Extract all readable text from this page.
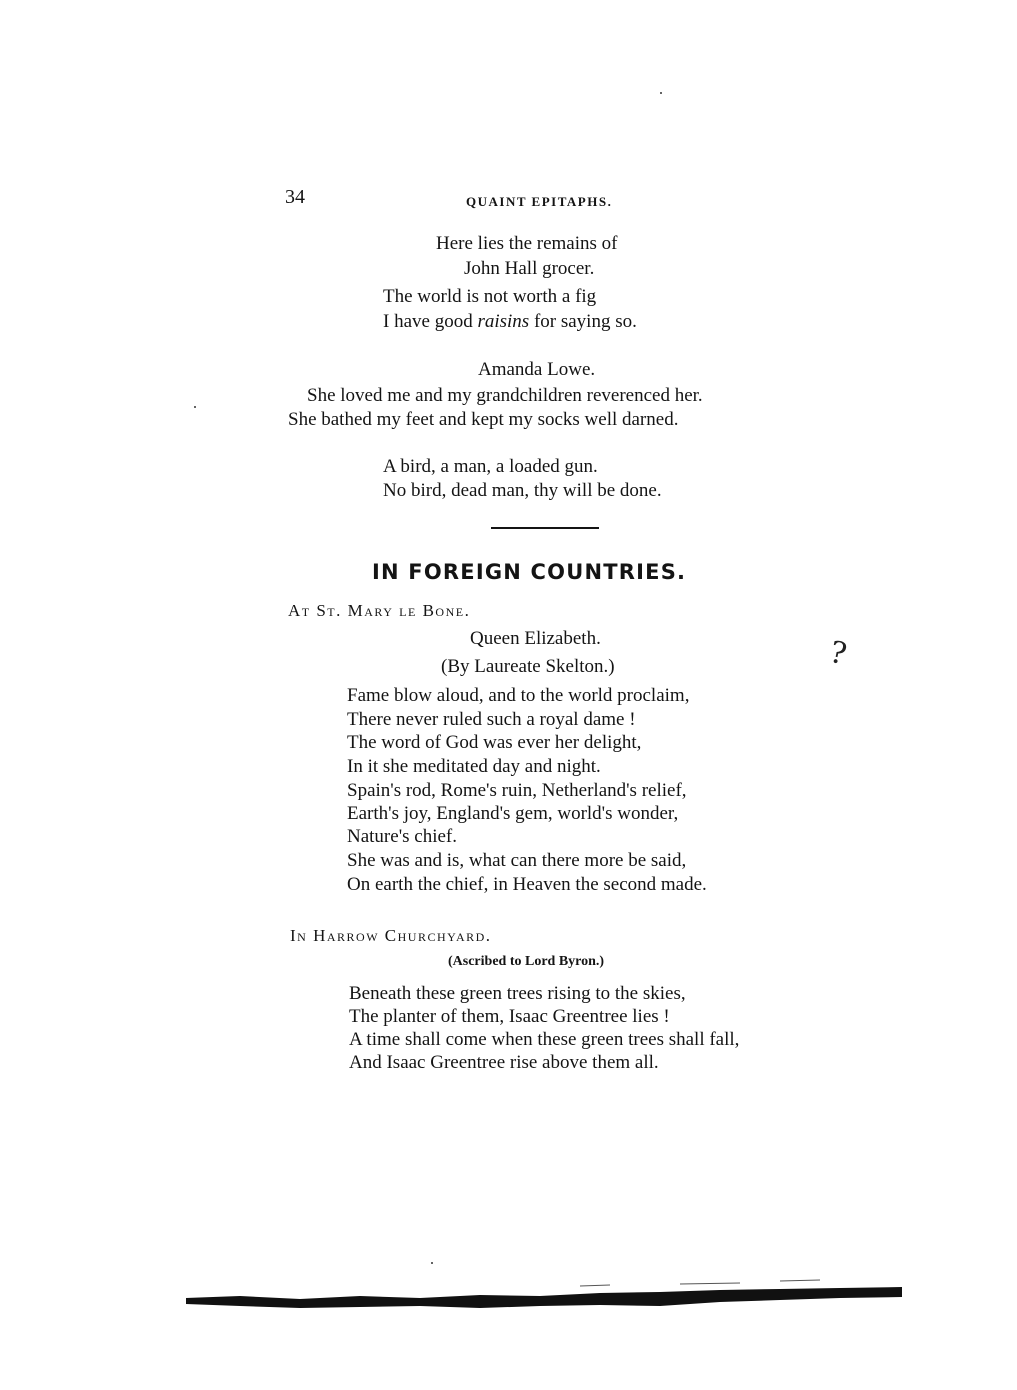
34	QUAINT EPITAPHS.
Here lies the remains of
John Hall grocer.
The world is not worth a fig
I have good raisins for saying so.
Amanda Lowe.
She loved me and my grandchildren reverenced her.
She bathed my feet and kept my socks well darned.
A bird, a man, a loaded gun.
No bird, dead man, thy will be done.
IN FOREIGN COUNTRIES.
At St. Mary le Bone.
Queen Elizabeth.
(By Laureate Skelton.)
Fame blow aloud, and to the world proclaim,
There never ruled such a royal dame !
The word of God was ever her delight,
In it she meditated day and night.
Spain's rod, Rome's ruin, Netherland's relief,
Earth's joy, England's gem, world's wonder,
Nature's chief.
She was and is, what can there more be said,
On earth the chief, in Heaven the second made.
?
In Harrow Churchyard.
(Ascribed to Lord Byron.)
Beneath these green trees rising to the skies,
The planter of them, Isaac Greentree lies !
A time shall come when these green trees shall fall,
And Isaac Greentree rise above them all.
